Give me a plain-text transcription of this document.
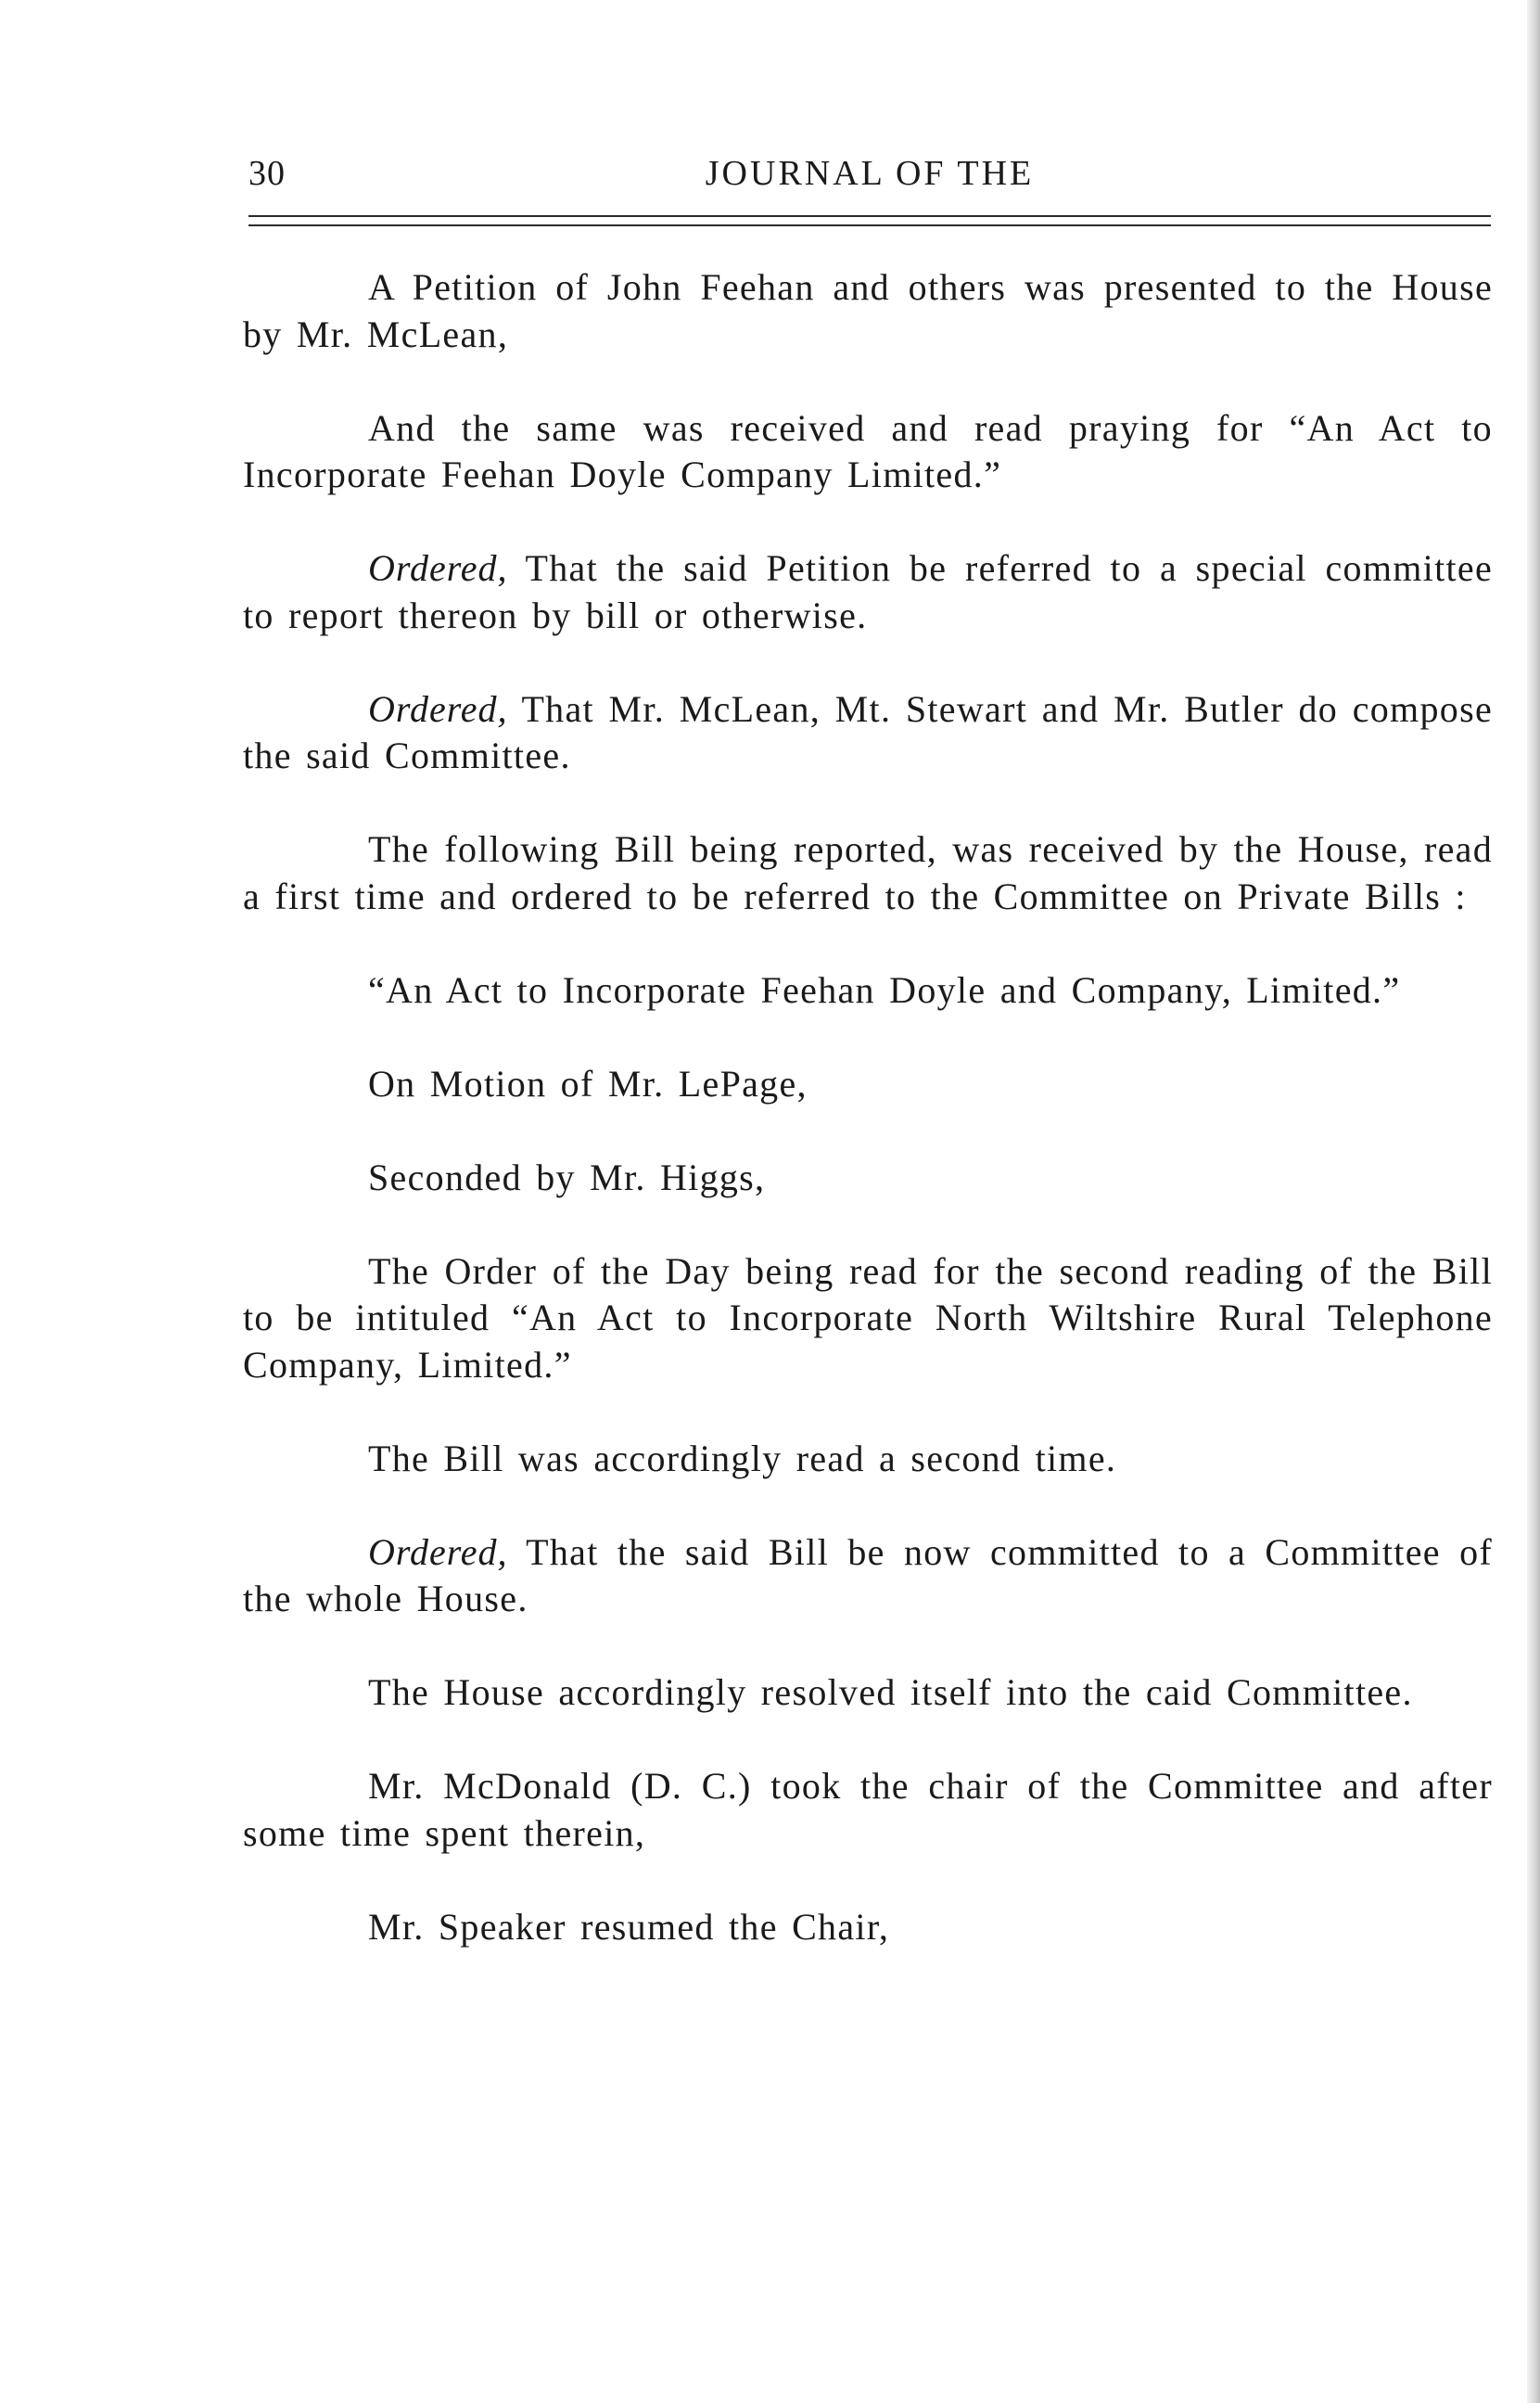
30	JOURNAL OF THE

A Petition of John Feehan and others was presented to the House by Mr. McLean,

And the same was received and read praying for “An Act to Incorporate Feehan Doyle Company Limited.”

Ordered, That the said Petition be referred to a special committee to report thereon by bill or otherwise.

Ordered, That Mr. McLean, Mt. Stewart and Mr. Butler do compose the said Committee.

The following Bill being reported, was received by the House, read a first time and ordered to be referred to the Committee on Private Bills :

“An Act to Incorporate Feehan Doyle and Company, Limited.”

On Motion of Mr. LePage,

Seconded by Mr. Higgs,

The Order of the Day being read for the second reading of the Bill to be intituled “An Act to Incorporate North Wiltshire Rural Telephone Company, Limited.”

The Bill was accordingly read a second time.

Ordered, That the said Bill be now committed to a Committee of the whole House.

The House accordingly resolved itself into the caid Committee.

Mr. McDonald (D. C.) took the chair of the Committee and after some time spent therein,

Mr. Speaker resumed the Chair,
